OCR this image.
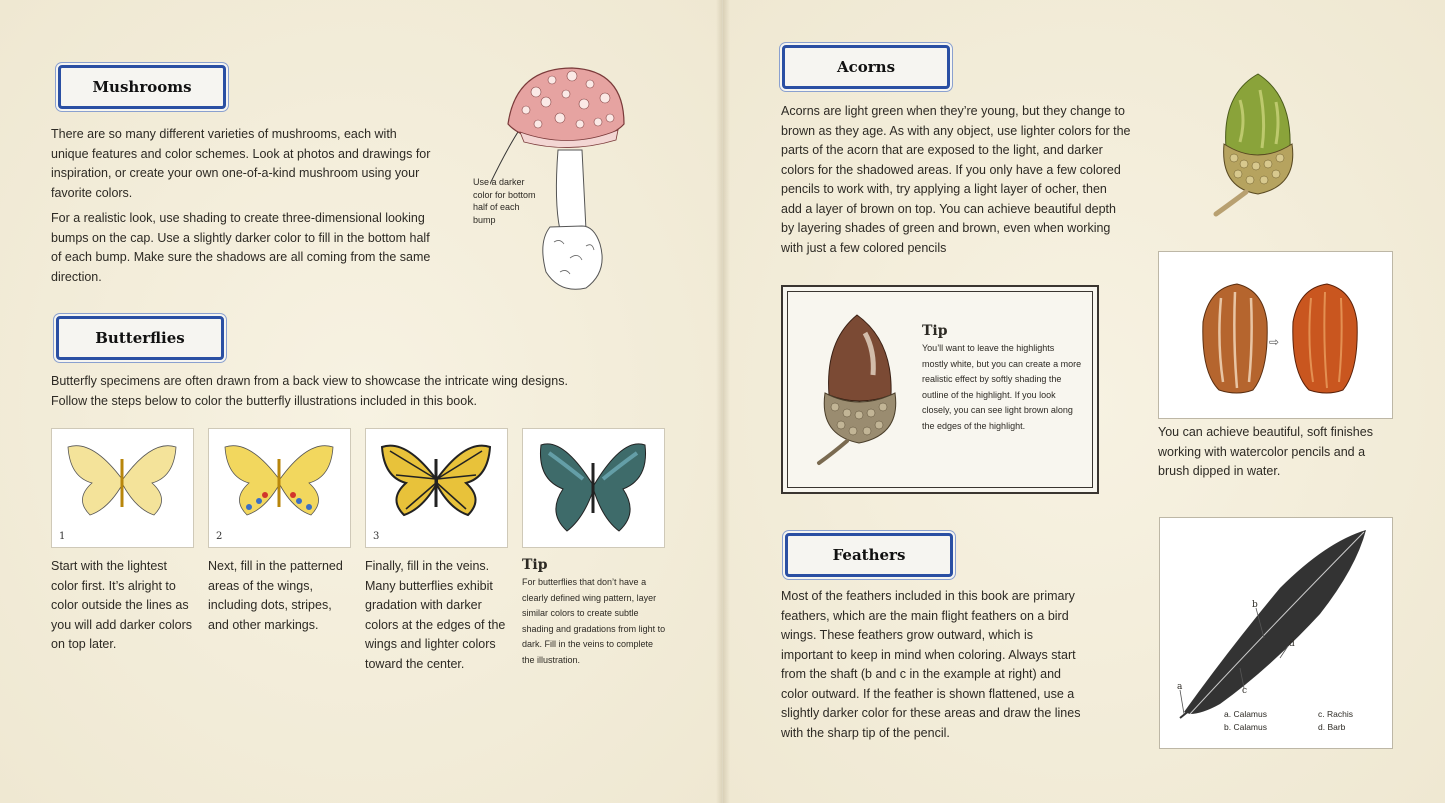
Mushrooms

There are so many different varieties of mushrooms, each with unique features and color schemes. Look at photos and drawings for inspiration, or create your own one-of-a-kind mushroom using your favorite colors.

For a realistic look, use shading to create three-dimensional looking bumps on the cap. Use a slightly darker color to fill in the bottom half of each bump. Make sure the shadows are all coming from the same direction.

Use a darker color for bottom half of each bump
Butterflies
Butterfly specimens are often drawn from a back view to showcase the intricate wing designs. Follow the steps below to color the butterfly illustrations included in this book.
1	2	3
Start with the lightest color first. It’s alright to color outside the lines as you will add darker colors on top later.
Next, fill in the patterned areas of the wings, including dots, stripes, and other markings.
Finally, fill in the veins. Many butterflies exhibit gradation with darker colors at the edges of the wings and lighter colors toward the center.
Tip
For butterflies that don’t have a clearly defined wing pattern, layer similar colors to create subtle shading and gradations from light to dark. Fill in the veins to complete the illustration.
Acorns
Acorns are light green when they’re young, but they change to brown as they age. As with any object, use lighter colors for the parts of the acorn that are exposed to the light, and darker colors for the shadowed areas. If you only have a few colored pencils to work with, try applying a light layer of ocher, then add a layer of brown on top. You can achieve beautiful depth by layering shades of green and brown, even when working with just a few colored pencils
Tip
You’ll want to leave the highlights mostly white, but you can create a more realistic effect by softly shading the outline of the highlight. If you look closely, you can see light brown along the edges of the highlight.
⇨
You can achieve beautiful, soft finishes working with watercolor pencils and a brush dipped in water.
Feathers
Most of the feathers included in this book are primary feathers, which are the main flight feathers on a bird wings. These feathers grow outward, which is important to keep in mind when coloring. Always start from the shaft (b and c in the example at right) and color outward. If the feather is shown flattened, use a slightly darker color for these areas and draw the lines with the sharp tip of the pencil.
a
b
c
d
a. Calamus
b. Calamus
c. Rachis
d. Barb
